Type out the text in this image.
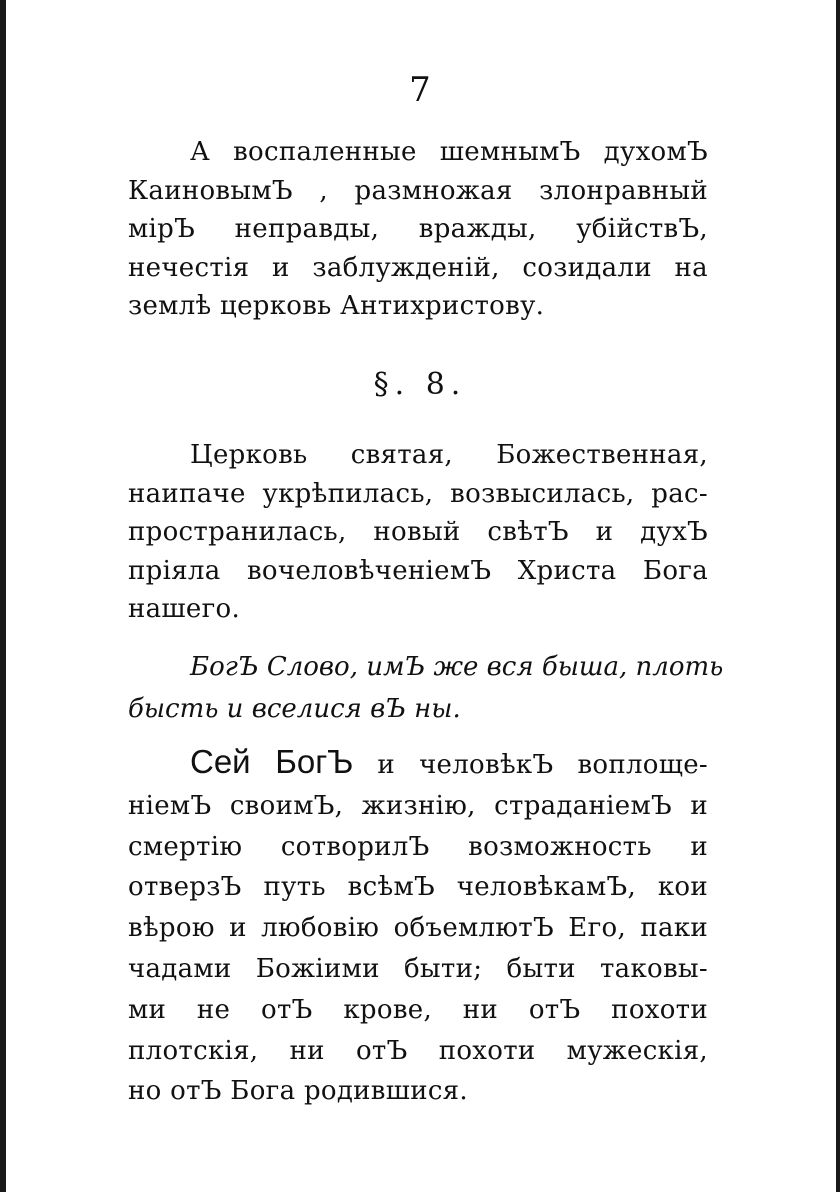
7
А воспаленные шемнымЪ духомЪ
КаиновымЪ , размножая злонравный
мiрЪ неправды, вражды, убiйствЪ,
нечестiя и заблужденiй, созидали на
землѣ церковь Антихристову.
§. 8.
Церковь святая, Божественная,
наипаче укрѣпилась, возвысилась, рас-
пространилась, новый свѣтЪ и духЪ
прiяла вочеловѣченiемЪ Христа Бога
нашего.
БогЪ Слово, имЪ же вся быша, плоть
бысть и вселися вЪ ны.
Сей БогЪ и человѣкЪ воплоще-
нiемЪ своимЪ, жизнiю, страданiемЪ и
смертiю сотворилЪ возможность и
отверзЪ путь всѣмЪ человѣкамЪ, кои
вѣрою и любовiю объемлютЪ Его, паки
чадами Божiими быти; быти таковы-
ми не отЪ крове, ни отЪ похоти
плотскiя, ни отЪ похоти мужескiя,
но отЪ Бога родившися.
